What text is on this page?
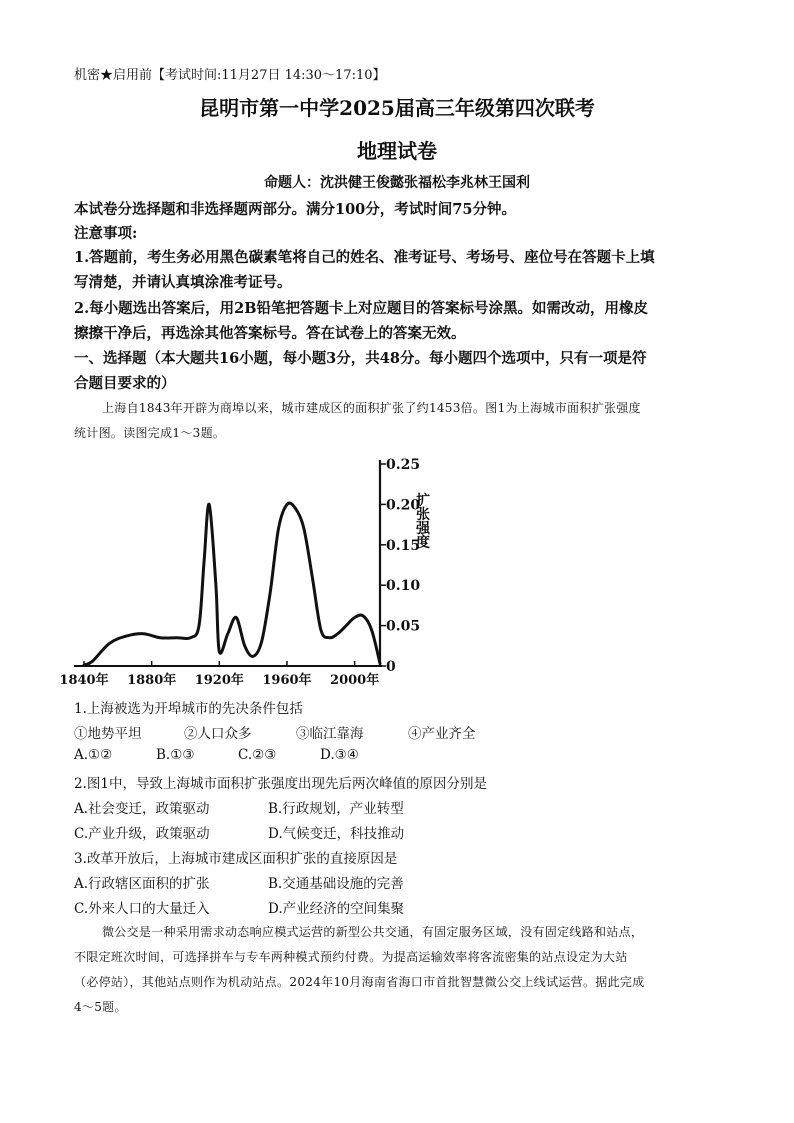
机密★启用前【考试时间:11月27日 14:30～17:10】
昆明市第一中学2025届高三年级第四次联考
地理试卷
命题人：沈洪健王俊懿张福松李兆林王国利
本试卷分选择题和非选择题两部分。满分100分，考试时间75分钟。
注意事项:
1.答题前，考生务必用黑色碳素笔将自己的姓名、准考证号、考场号、座位号在答题卡上填
写清楚，并请认真填涂准考证号。
2.每小题选出答案后，用2B铅笔把答题卡上对应题目的答案标号涂黑。如需改动，用橡皮
擦擦干净后，再选涂其他答案标号。答在试卷上的答案无效。
一、选择题（本大题共16小题，每小题3分，共48分。每小题四个选项中，只有一项是符
合题目要求的）
上海自1843年开辟为商埠以来，城市建成区的面积扩张了约1453倍。图1为上海城市面积扩张强度
统计图。读图完成1～3题。
1840年 1880年 1920年 1960年 2000年
0
0.05
0.10
0.15
0.20
0.25
扩张强度
1.上海被选为开埠城市的先决条件包括
①地势平坦	②人口众多	③临江靠海	④产业齐全
A.①②	B.①③	C.②③	D.③④
2.图1中，导致上海城市面积扩张强度出现先后两次峰值的原因分别是
A.社会变迁，政策驱动	B.行政规划，产业转型
C.产业升级，政策驱动	D.气候变迁，科技推动
3.改革开放后，上海城市建成区面积扩张的直接原因是
A.行政辖区面积的扩张	B.交通基础设施的完善
C.外来人口的大量迁入	D.产业经济的空间集聚
微公交是一种采用需求动态响应模式运营的新型公共交通，有固定服务区域，没有固定线路和站点，
不限定班次时间，可选择拼车与专车两种模式预约付费。为提高运输效率将客流密集的站点设定为大站
（必停站），其他站点则作为机动站点。2024年10月海南省海口市首批智慧微公交上线试运营。据此完成
4～5题。
